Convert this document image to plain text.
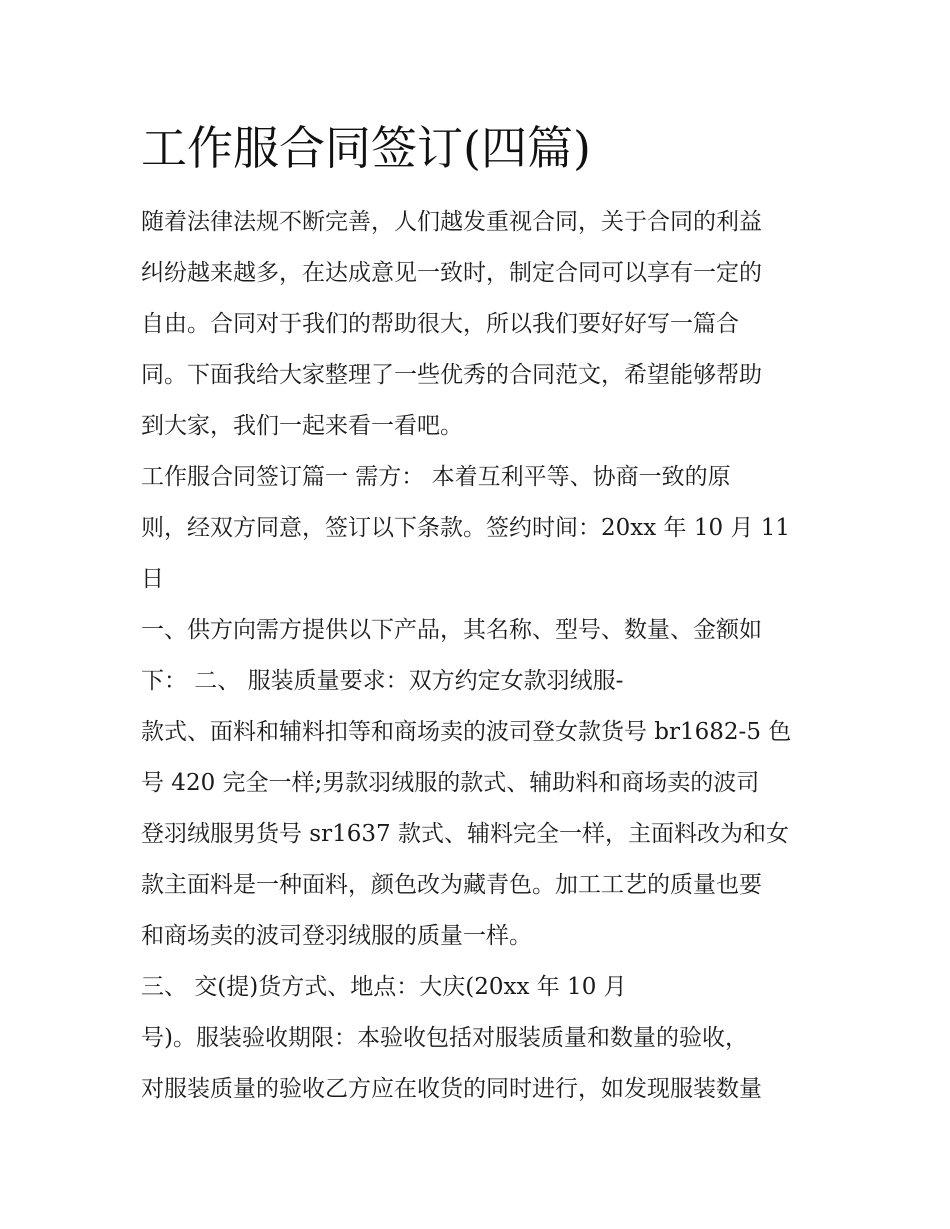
工作服合同签订(四篇)

随着法律法规不断完善，人们越发重视合同，关于合同的利益

纠纷越来越多，在达成意见一致时，制定合同可以享有一定的

自由。合同对于我们的帮助很大，所以我们要好好写一篇合

同。下面我给大家整理了一些优秀的合同范文，希望能够帮助

到大家，我们一起来看一看吧。

工作服合同签订篇一 需方： 本着互利平等、协商一致的原

则，经双方同意，签订以下条款。签约时间：20xx 年 10 月 11

日

一、供方向需方提供以下产品，其名称、型号、数量、金额如

下： 二、 服装质量要求：双方约定女款羽绒服-

款式、面料和辅料扣等和商场卖的波司登女款货号 br1682-5 色

号 420 完全一样;男款羽绒服的款式、辅助料和商场卖的波司

登羽绒服男货号 sr1637 款式、辅料完全一样，主面料改为和女

款主面料是一种面料，颜色改为藏青色。加工工艺的质量也要

和商场卖的波司登羽绒服的质量一样。

三、 交(提)货方式、地点：大庆(20xx 年 10 月

号)。服装验收期限：本验收包括对服装质量和数量的验收，

对服装质量的验收乙方应在收货的同时进行，如发现服装数量
